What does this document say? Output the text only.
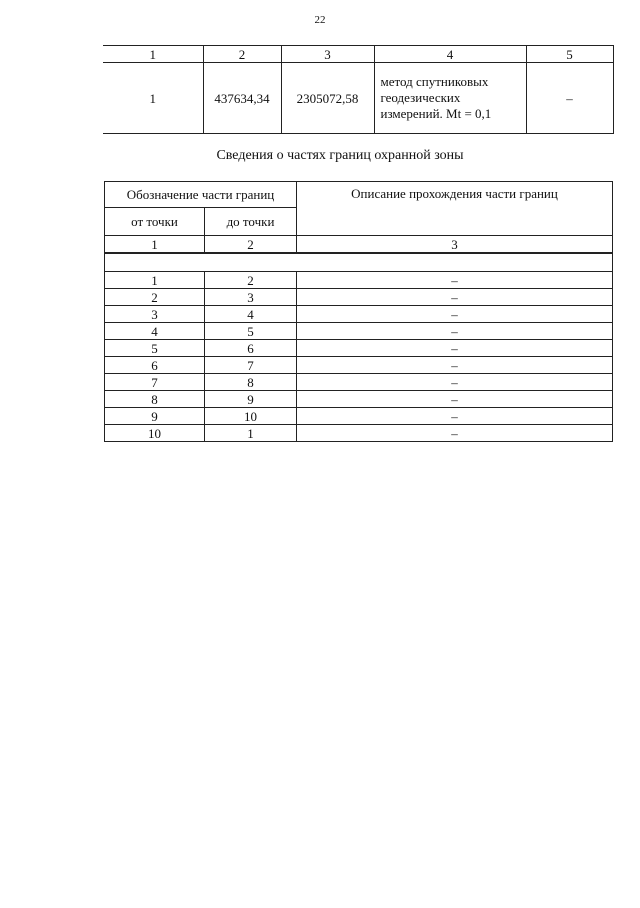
22
1	2	3	4	5
1	437634,34	2305072,58	метод спутниковых
геодезических
измерений. Mt = 0,1	–
Сведения о частях границ охранной зоны
Обозначение части границ		Описание прохождения части границ
от точки	до точки	
1	2	3

1	2	–
2	3	–
3	4	–
4	5	–
5	6	–
6	7	–
7	8	–
8	9	–
9	10	–
10	1	–
